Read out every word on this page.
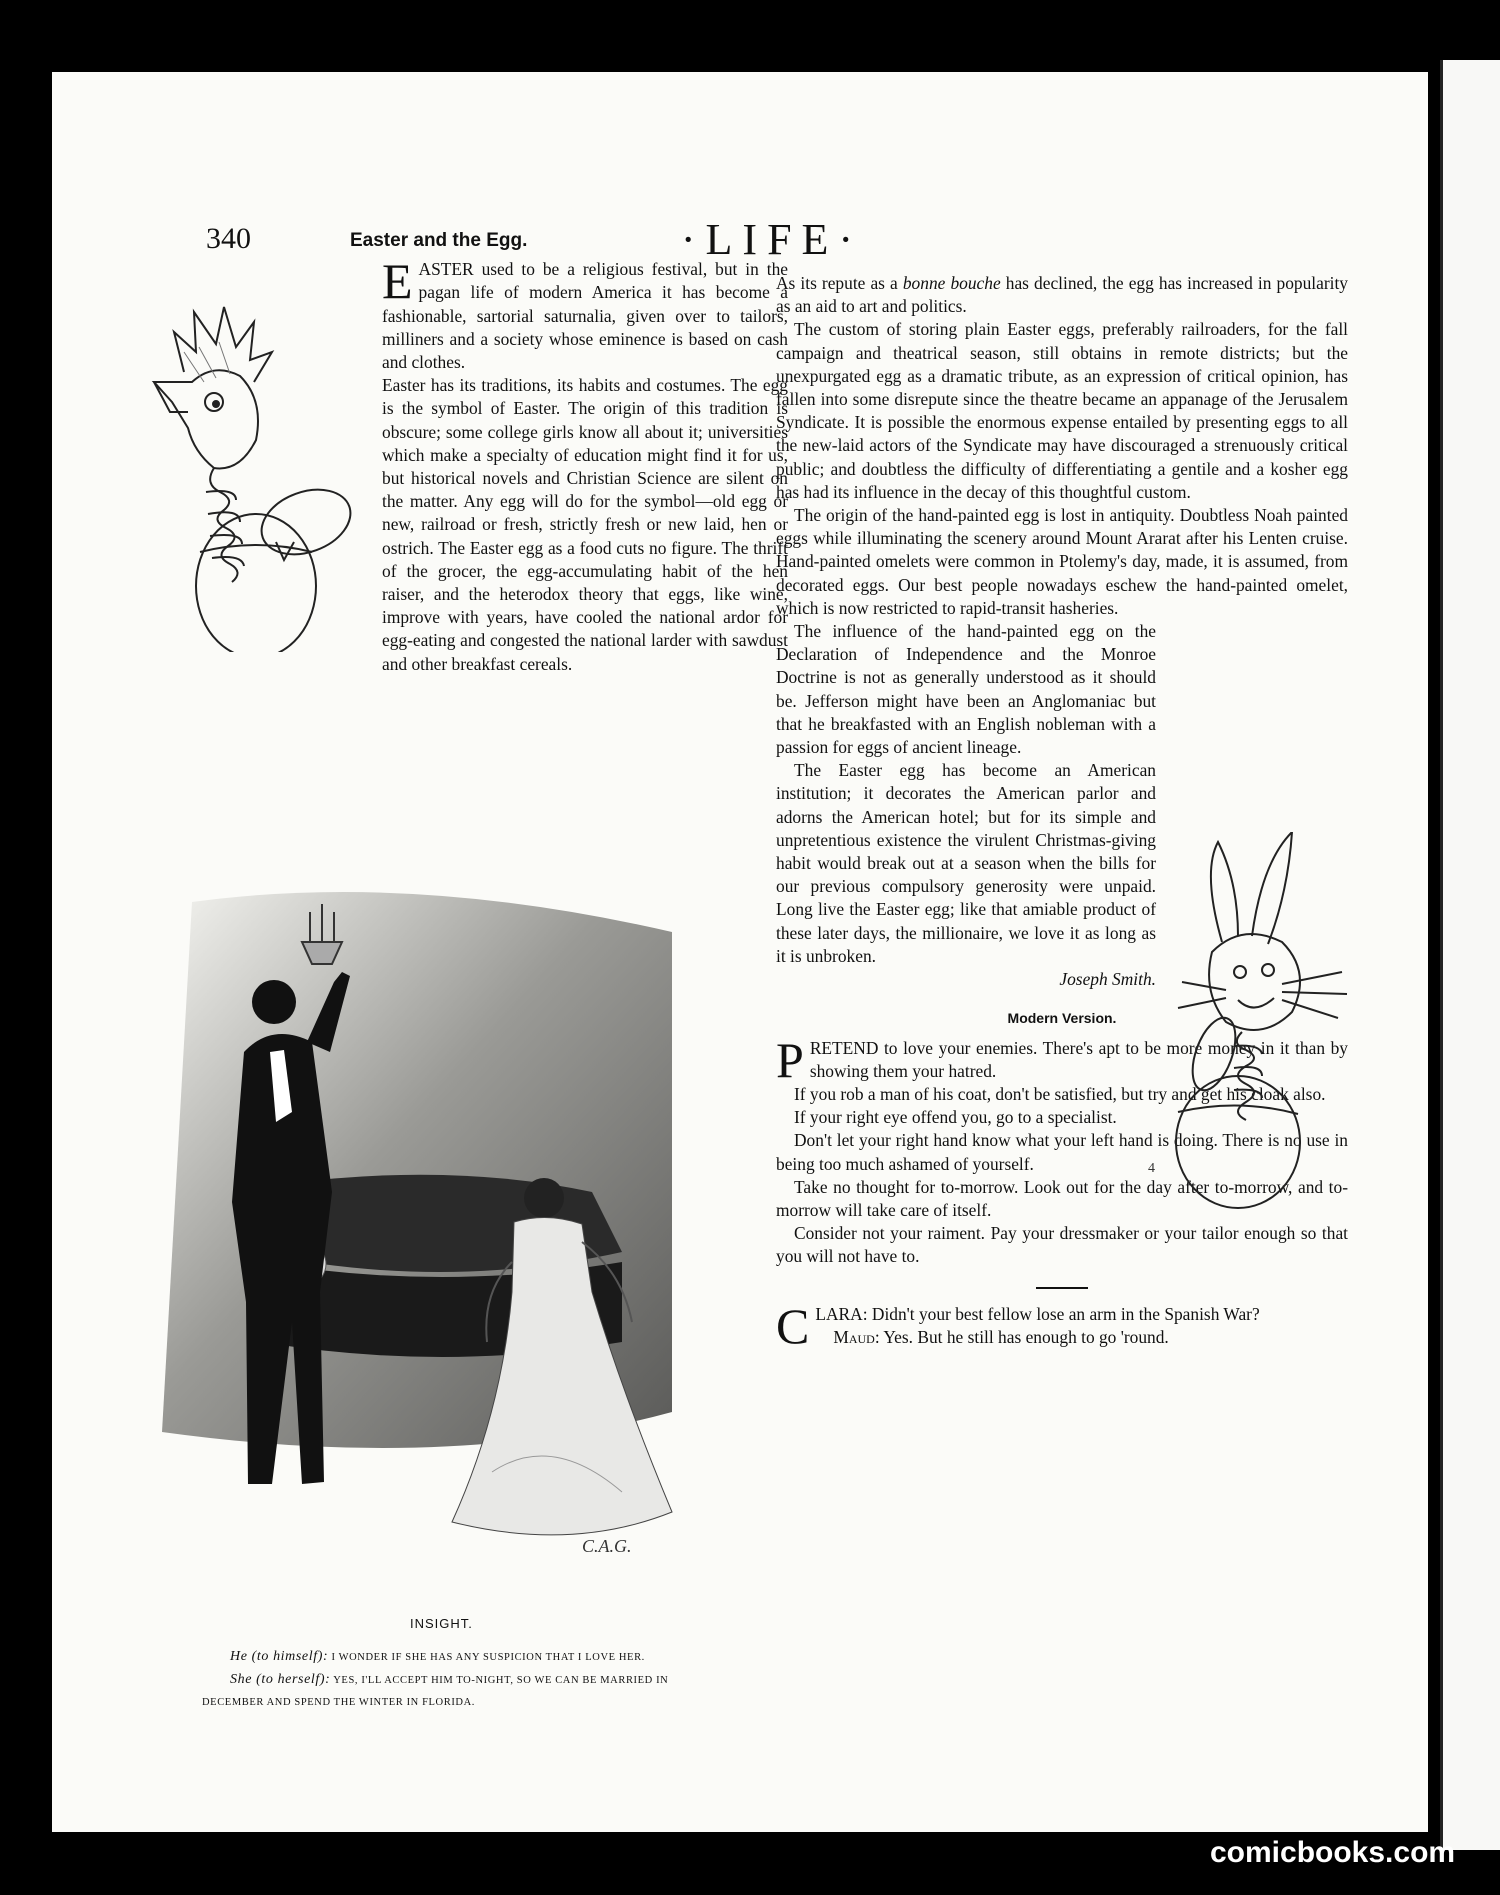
340	·LIFE·
Easter and the Egg.
EASTER used to be a religious festival, but in the pagan life of modern America it has become a fashionable, sartorial saturnalia, given over to tailors, milliners and a society whose eminence is based on cash and clothes.

Easter has its traditions, its habits and costumes. The egg is the symbol of Easter. The origin of this tradition is obscure; some college girls know all about it; universities which make a specialty of education might find it for us, but historical novels and Christian Science are silent on the matter. Any egg will do for the symbol—old egg or new, railroad or fresh, strictly fresh or new laid, hen or ostrich. The Easter egg as a food cuts no figure. The thrift of the grocer, the egg-accumulating habit of the hen raiser, and the heterodox theory that eggs, like wine, improve with years, have cooled the national ardor for egg-eating and congested the national larder with sawdust and other breakfast cereals.

C.A.G.
INSIGHT.
He (to himself): I WONDER IF SHE HAS ANY SUSPICION THAT I LOVE HER.
She (to herself): YES, I'LL ACCEPT HIM TO-NIGHT, SO WE CAN BE MARRIED IN DECEMBER AND SPEND THE WINTER IN FLORIDA.

As its repute as a bonne bouche has declined, the egg has increased in popularity as an aid to art and politics.

The custom of storing plain Easter eggs, preferably railroaders, for the fall campaign and theatrical season, still obtains in remote districts; but the unexpurgated egg as a dramatic tribute, as an expression of critical opinion, has fallen into some disrepute since the theatre became an appanage of the Jerusalem Syndicate. It is possible the enormous expense entailed by presenting eggs to all the new-laid actors of the Syndicate may have discouraged a strenuously critical public; and doubtless the difficulty of differentiating a gentile and a kosher egg has had its influence in the decay of this thoughtful custom.

The origin of the hand-painted egg is lost in antiquity. Doubtless Noah painted eggs while illuminating the scenery around Mount Ararat after his Lenten cruise. Hand-painted omelets were common in Ptolemy's day, made, it is assumed, from decorated eggs. Our best people nowadays eschew the hand-painted omelet, which is now restricted to rapid-transit hasheries.

The influence of the hand-painted egg on the Declaration of Independence and the Monroe Doctrine is not as generally understood as it should be. Jefferson might have been an Anglomaniac but that he breakfasted with an English nobleman with a passion for eggs of ancient lineage.

The Easter egg has become an American institution; it decorates the American parlor and adorns the American hotel; but for its simple and unpretentious existence the virulent Christmas-giving habit would break out at a season when the bills for our previous compulsory generosity were unpaid. Long live the Easter egg; like that amiable product of these later days, the millionaire, we love it as long as it is unbroken.

Joseph Smith.
Modern Version.
PRETEND to love your enemies. There's apt to be more money in it than by showing them your hatred.

If you rob a man of his coat, don't be satisfied, but try and get his cloak also.

If your right eye offend you, go to a specialist.

Don't let your right hand know what your left hand is doing. There is no use in being too much ashamed of yourself.

Take no thought for to-morrow. Look out for the day after to-morrow, and to-morrow will take care of itself.

Consider not your raiment. Pay your dressmaker or your tailor enough so that you will not have to.

CLARA: Didn't your best fellow lose an arm in the Spanish War?

Maud: Yes. But he still has enough to go 'round.

4
comicbooks.com
